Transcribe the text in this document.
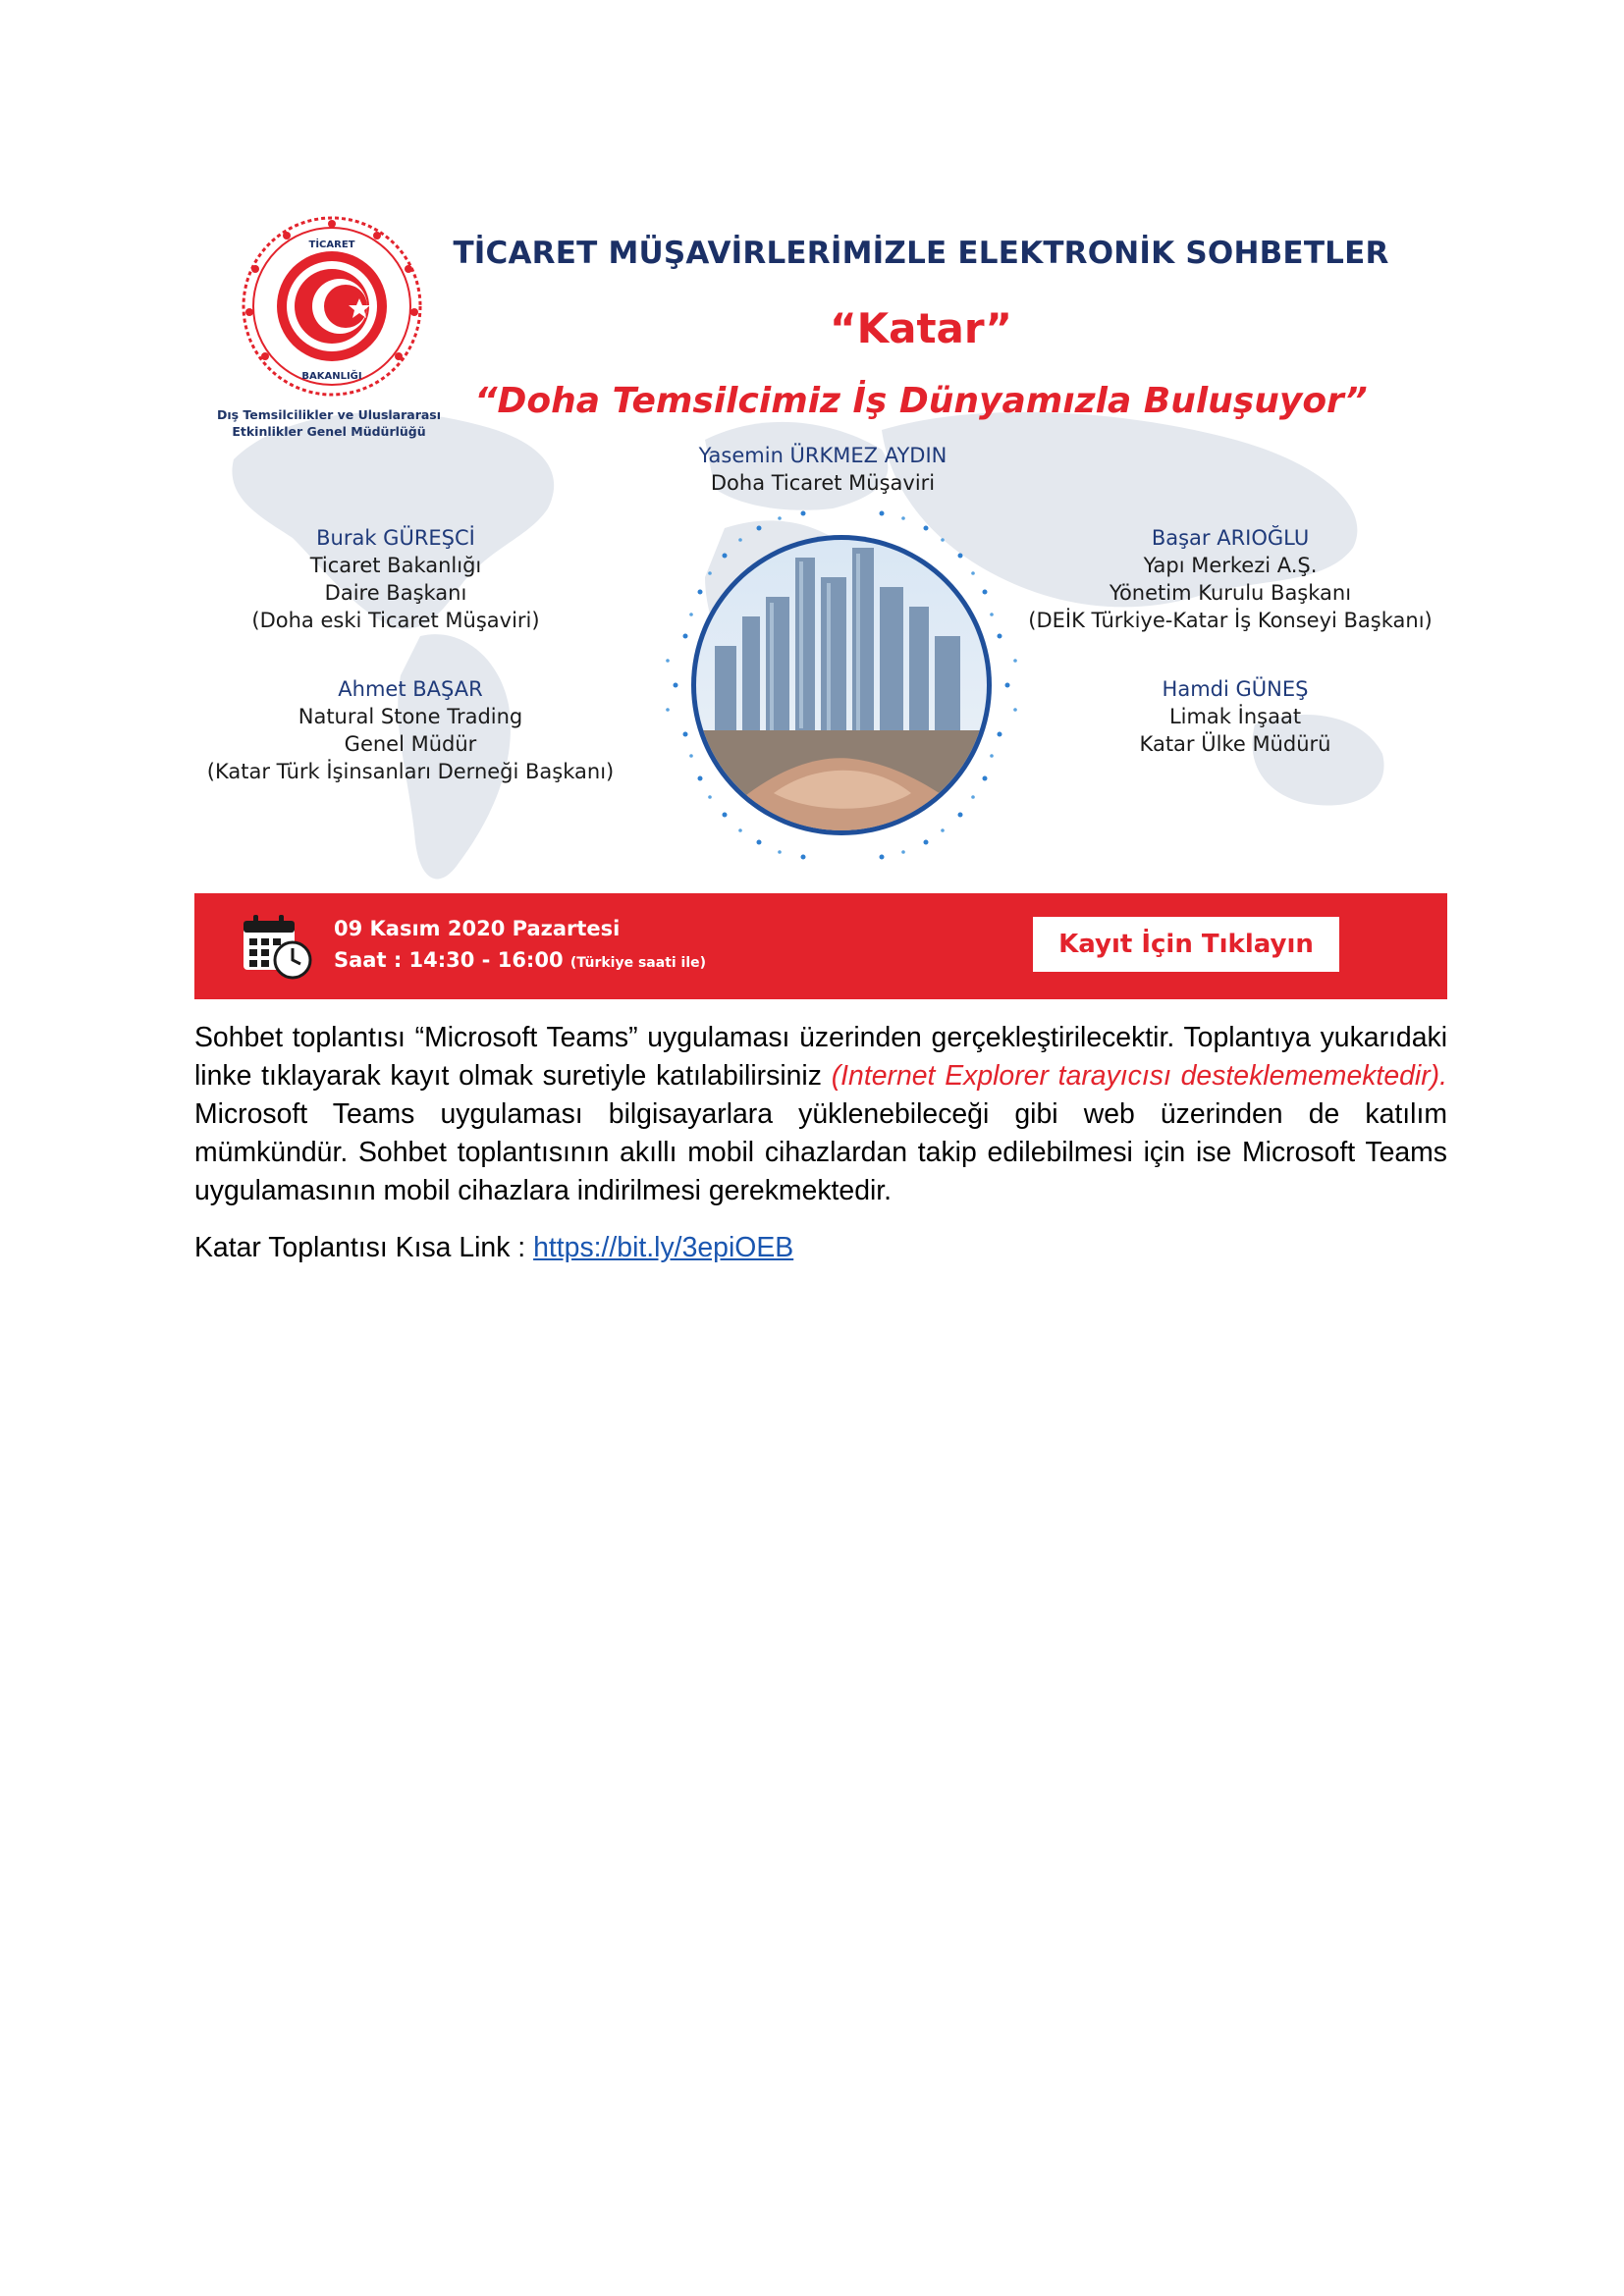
TİCARET
BAKANLIĞI
Dış Temsilcilikler ve Uluslararası
Etkinlikler Genel Müdürlüğü
TİCARET MÜŞAVİRLERİMİZLE ELEKTRONİK SOHBETLER
“Katar”
“Doha Temsilcimiz İş Dünyamızla Buluşuyor”
Yasemin ÜRKMEZ AYDIN
Doha Ticaret Müşaviri
Burak GÜREŞCİ
Ticaret Bakanlığı
Daire Başkanı
(Doha eski Ticaret Müşaviri)
Başar ARIOĞLU
Yapı Merkezi A.Ş.
Yönetim Kurulu Başkanı
(DEİK Türkiye-Katar İş Konseyi Başkanı)
Ahmet BAŞAR
Natural Stone Trading
Genel Müdür
(Katar Türk İşinsanları Derneği Başkanı)
Hamdi GÜNEŞ
Limak İnşaat
Katar Ülke Müdürü
09 Kasım 2020 Pazartesi
Saat : 14:30 - 16:00 (Türkiye saati ile)
Kayıt İçin Tıklayın

Sohbet toplantısı “Microsoft Teams” uygulaması üzerinden gerçekleştirilecektir. Toplantıya yukarıdaki linke tıklayarak kayıt olmak suretiyle katılabilirsiniz (Internet Explorer tarayıcısı desteklememektedir). Microsoft Teams uygulaması bilgisayarlara yüklenebileceği gibi web üzerinden de katılım mümkündür. Sohbet toplantısının akıllı mobil cihazlardan takip edilebilmesi için ise Microsoft Teams uygulamasının mobil cihazlara indirilmesi gerekmektedir.

Katar Toplantısı Kısa Link : https://bit.ly/3epiOEB
